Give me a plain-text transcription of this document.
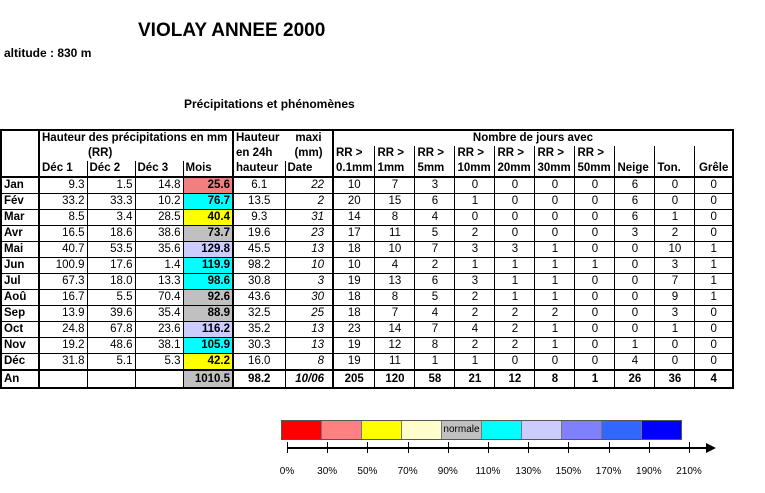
VIOLAY ANNEE 2000
altitude : 830 m
Précipitations et phénomènes
	Hauteur des précipitations en mm				Hauteur	maxi	Nombre de jours avec									
	(RR)				en 24h	(mm)	RR >	RR >	RR >	RR >	RR >	RR >	RR >			
	Déc 1	Déc 2	Déc 3	Mois	hauteur	Date	0.1mm	1mm	5mm	10mm	20mm	30mm	50mm	Neige	Ton.	Grêle
Jan	9.3	1.5	14.8	25.6	6.1	22	10	7	3	0	0	0	0	6	0	0
Fév	33.2	33.3	10.2	76.7	13.5	2	20	15	6	1	0	0	0	6	0	0
Mar	8.5	3.4	28.5	40.4	9.3	31	14	8	4	0	0	0	0	6	1	0
Avr	16.5	18.6	38.6	73.7	19.6	23	17	11	5	2	0	0	0	3	2	0
Mai	40.7	53.5	35.6	129.8	45.5	13	18	10	7	3	3	1	0	0	10	1
Jun	100.9	17.6	1.4	119.9	98.2	10	10	4	2	1	1	1	1	0	3	1
Jul	67.3	18.0	13.3	98.6	30.8	3	19	13	6	3	1	1	0	0	7	1
Aoû	16.7	5.5	70.4	92.6	43.6	30	18	8	5	2	1	1	0	0	9	1
Sep	13.9	39.6	35.4	88.9	32.5	25	18	7	4	2	2	2	0	0	3	0
Oct	24.8	67.8	23.6	116.2	35.2	13	23	14	7	4	2	1	0	0	1	0
Nov	19.2	48.6	38.1	105.9	30.3	13	19	12	8	2	2	1	0	1	0	0
Déc	31.8	5.1	5.3	42.2	16.0	8	19	11	1	1	0	0	0	4	0	0
An				1010.5	98.2	10/06	205	120	58	21	12	8	1	26	36	4
normale
0% 30% 50% 70% 90% 110% 130% 150% 170% 190% 210%
